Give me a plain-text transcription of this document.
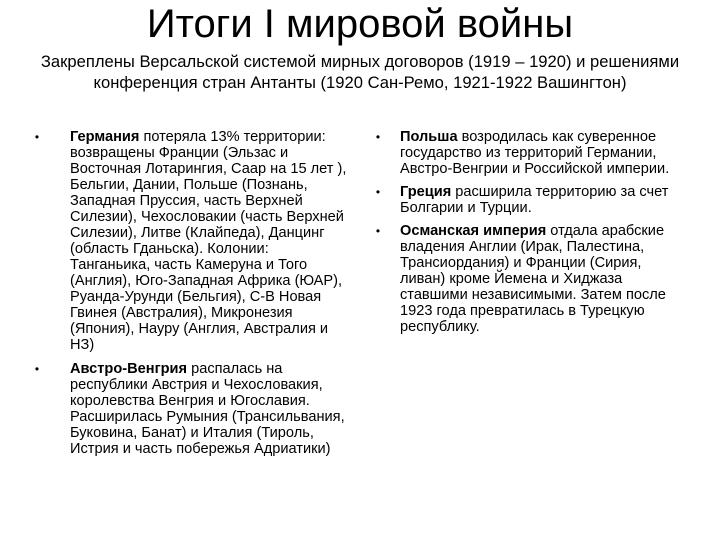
Итоги I мировой войны
Закреплены Версальской системой мирных договоров (1919 – 1920) и решениями конференция стран Антанты (1920 Сан-Ремо, 1921-1922 Вашингтон)
• Германия потеряла 13% территории: возвращены Франции (Эльзас и Восточная Лотарингия, Саар на 15 лет ), Бельгии, Дании, Польше (Познань, Западная Пруссия, часть Верхней Силезии), Чехословакии (часть Верхней Силезии), Литве (Клайпеда), Данцинг (область Гданьска). Колонии: Танганьика, часть Камеруна и Того (Англия), Юго-Западная Африка (ЮАР), Руанда-Урунди (Бельгия), С-В Новая Гвинея (Австралия), Микронезия (Япония), Науру (Англия, Австралия и НЗ)
• Австро-Венгрия распалась на республики Австрия и Чехословакия, королевства Венгрия и Югославия. Расширилась Румыния (Трансильвания, Буковина, Банат) и Италия (Тироль, Истрия и часть побережья Адриатики)
• Польша возродилась как суверенное государство из территорий Германии, Австро-Венгрии и Российской империи.
• Греция расширила территорию за счет Болгарии и Турции.
• Османская империя отдала арабские владения Англии (Ирак, Палестина, Трансиордания) и Франции (Сирия, ливан) кроме Йемена и Хиджаза ставшими независимыми. Затем после 1923 года превратилась в Турецкую республику.
